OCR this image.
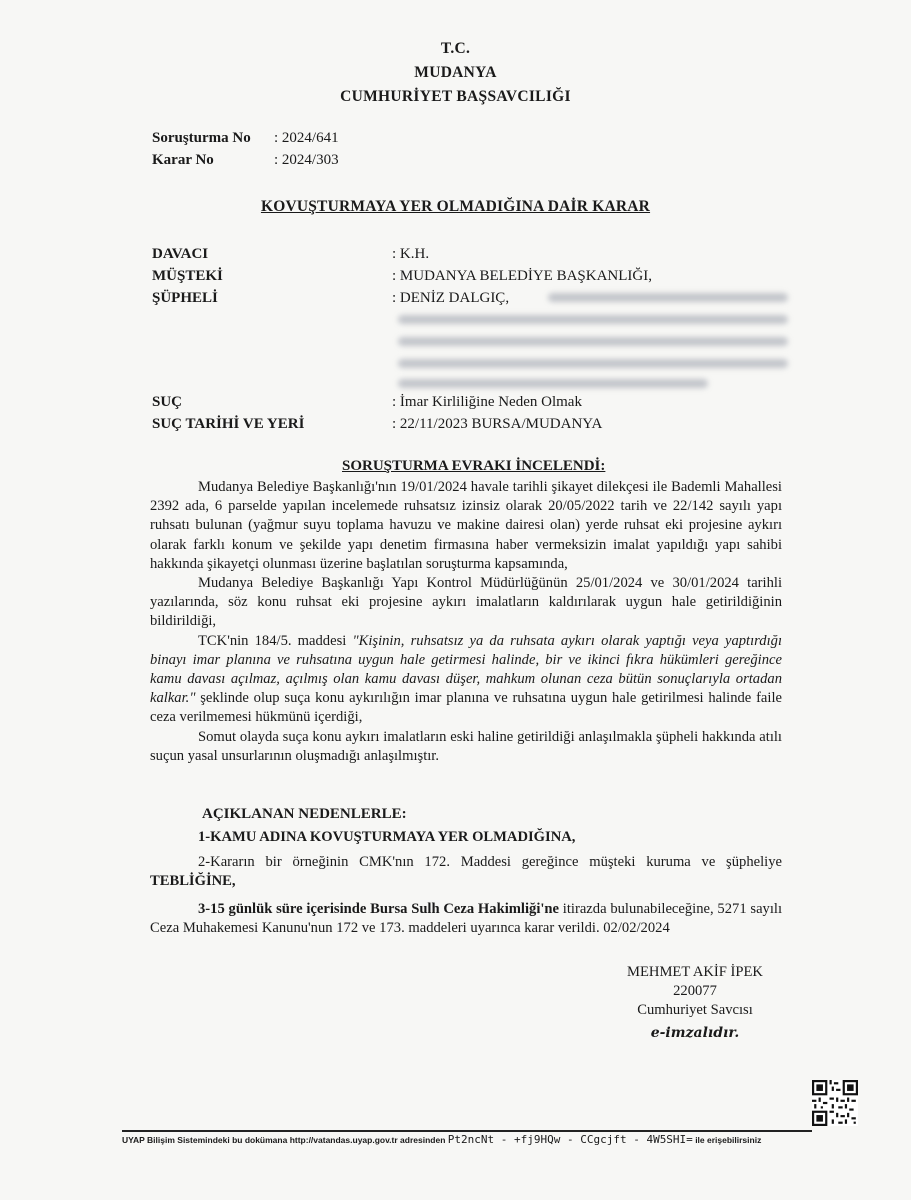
T.C.
MUDANYA
CUMHURİYET BAŞSAVCILIĞI
Soruşturma No : 2024/641
Karar No	: 2024/303
KOVUŞTURMAYA YER OLMADIĞINA DAİR KARAR
DAVACI	: K.H.
MÜŞTEKİ	: MUDANYA BELEDİYE BAŞKANLIĞI,
ŞÜPHELİ	: DENİZ DALGIÇ,
SUÇ	: İmar Kirliliğine Neden Olmak
SUÇ TARİHİ VE YERİ	: 22/11/2023 BURSA/MUDANYA
SORUŞTURMA EVRAKI İNCELENDİ:

Mudanya Belediye Başkanlığı'nın 19/01/2024 havale tarihli şikayet dilekçesi ile Bademli Mahallesi 2392 ada, 6 parselde yapılan incelemede ruhsatsız izinsiz olarak 20/05/2022 tarih ve 22/142 sayılı yapı ruhsatı bulunan (yağmur suyu toplama havuzu ve makine dairesi olan) yerde ruhsat eki projesine aykırı olarak farklı konum ve şekilde yapı denetim firmasına haber vermeksizin imalat yapıldığı yapı sahibi hakkında şikayetçi olunması üzerine başlatılan soruşturma kapsamında,

Mudanya Belediye Başkanlığı Yapı Kontrol Müdürlüğünün 25/01/2024 ve 30/01/2024 tarihli yazılarında, söz konu ruhsat eki projesine aykırı imalatların kaldırılarak uygun hale getirildiğinin bildirildiği,

TCK'nin 184/5. maddesi "Kişinin, ruhsatsız ya da ruhsata aykırı olarak yaptığı veya yaptırdığı binayı imar planına ve ruhsatına uygun hale getirmesi halinde, bir ve ikinci fıkra hükümleri gereğince kamu davası açılmaz, açılmış olan kamu davası düşer, mahkum olunan ceza bütün sonuçlarıyla ortadan kalkar." şeklinde olup suça konu aykırılığın imar planına ve ruhsatına uygun hale getirilmesi halinde faile ceza verilmemesi hükmünü içerdiği,

Somut olayda suça konu aykırı imalatların eski haline getirildiği anlaşılmakla şüpheli hakkında atılı suçun yasal unsurlarının oluşmadığı anlaşılmıştır.

AÇIKLANAN NEDENLERLE:

1-KAMU ADINA KOVUŞTURMAYA YER OLMADIĞINA,

2-Kararın bir örneğinin CMK'nın 172. Maddesi gereğince müşteki kuruma ve şüpheliye TEBLİĞİNE,

3-15 günlük süre içerisinde Bursa Sulh Ceza Hakimliği'ne itirazda bulunabileceğine, 5271 sayılı Ceza Muhakemesi Kanunu'nun 172 ve 173. maddeleri uyarınca karar verildi. 02/02/2024

MEHMET AKİF İPEK
220077
Cumhuriyet Savcısı
e-imzalıdır.
UYAP Bilişim Sistemindeki bu dokümana http://vatandas.uyap.gov.tr adresinden Pt2ncNt - +fj9HQw - CCgcjft - 4W5SHI= ile erişebilirsiniz
